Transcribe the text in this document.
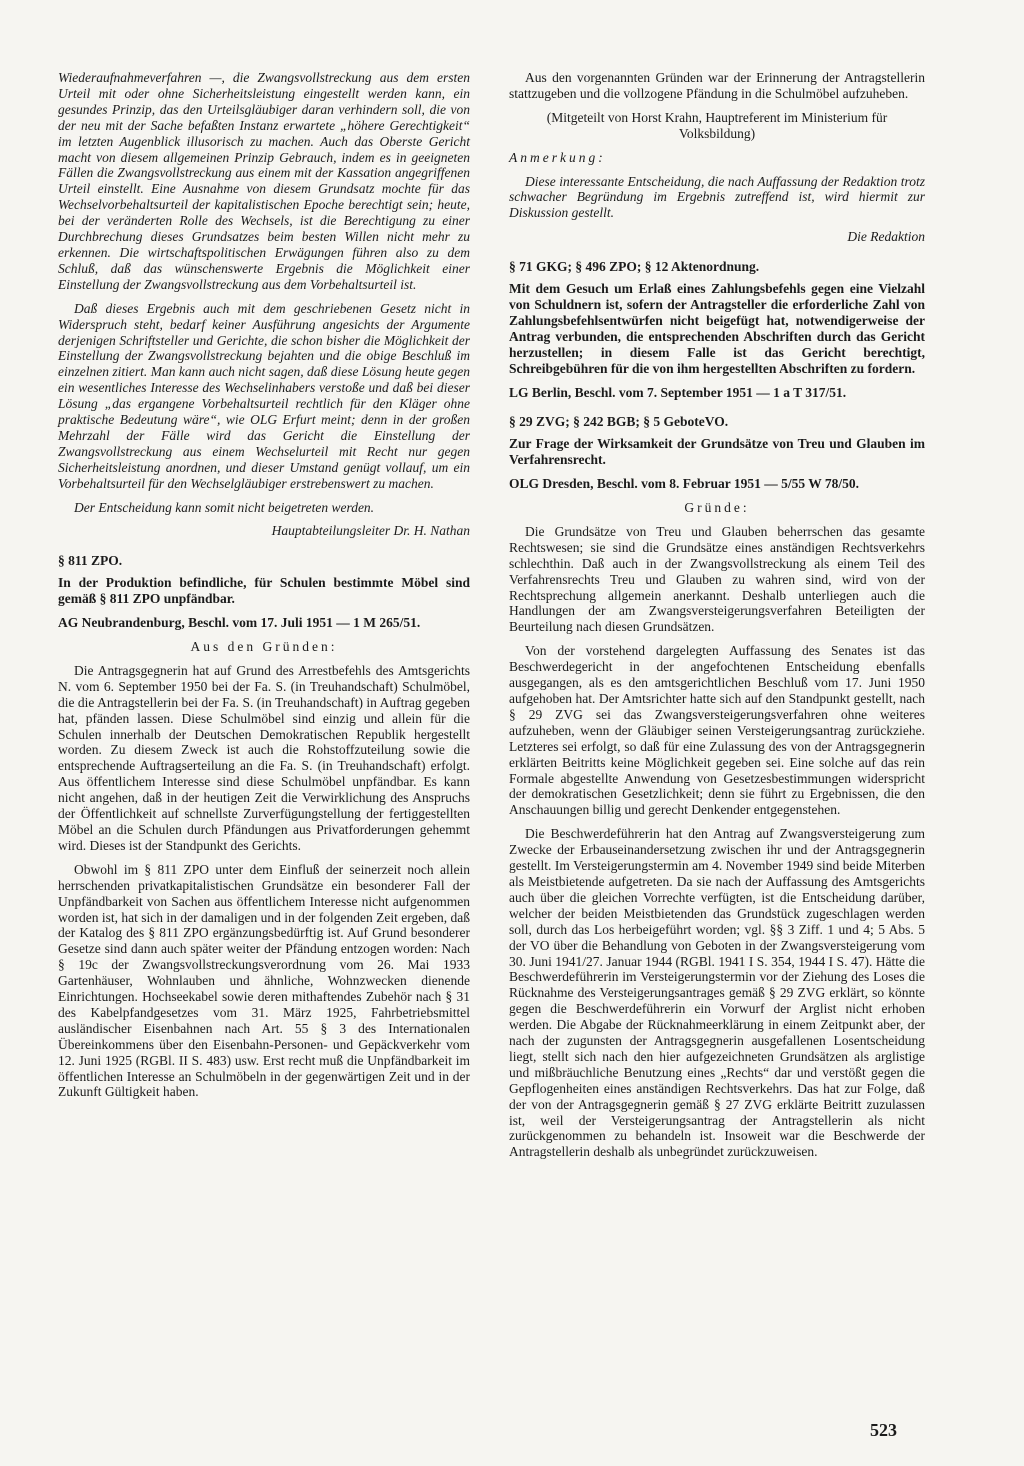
Wiederaufnahmeverfahren —, die Zwangsvollstreckung aus dem ersten Urteil mit oder ohne Sicherheitsleistung eingestellt werden kann, ein gesundes Prinzip, das den Urteilsgläubiger daran verhindern soll, die von der neu mit der Sache befaßten Instanz erwartete „höhere Gerechtigkeit“ im letzten Augenblick illusorisch zu machen. Auch das Oberste Gericht macht von diesem allgemeinen Prinzip Gebrauch, indem es in geeigneten Fällen die Zwangsvollstreckung aus einem mit der Kassation angegriffenen Urteil einstellt. Eine Ausnahme von diesem Grundsatz mochte für das Wechselvorbehaltsurteil der kapitalistischen Epoche berechtigt sein; heute, bei der veränderten Rolle des Wechsels, ist die Berechtigung zu einer Durchbrechung dieses Grundsatzes beim besten Willen nicht mehr zu erkennen. Die wirtschaftspolitischen Erwägungen führen also zu dem Schluß, daß das wünschenswerte Ergebnis die Möglichkeit einer Einstellung der Zwangsvollstreckung aus dem Vorbehaltsurteil ist.

Daß dieses Ergebnis auch mit dem geschriebenen Gesetz nicht in Widerspruch steht, bedarf keiner Ausführung angesichts der Argumente derjenigen Schriftsteller und Gerichte, die schon bisher die Möglichkeit der Einstellung der Zwangsvollstreckung bejahten und die obige Beschluß im einzelnen zitiert. Man kann auch nicht sagen, daß diese Lösung heute gegen ein wesentliches Interesse des Wechselinhabers verstoße und daß bei dieser Lösung „das ergangene Vorbehaltsurteil rechtlich für den Kläger ohne praktische Bedeutung wäre“, wie OLG Erfurt meint; denn in der großen Mehrzahl der Fälle wird das Gericht die Einstellung der Zwangsvollstreckung aus einem Wechselurteil mit Recht nur gegen Sicherheitsleistung anordnen, und dieser Umstand genügt vollauf, um ein Vorbehaltsurteil für den Wechselgläubiger erstrebenswert zu machen.

Der Entscheidung kann somit nicht beigetreten werden.

Hauptabteilungsleiter Dr. H. Nathan

§ 811 ZPO.

In der Produktion befindliche, für Schulen bestimmte Möbel sind gemäß § 811 ZPO unpfändbar.

AG Neubrandenburg, Beschl. vom 17. Juli 1951 — 1 M 265/51.

Aus den Gründen:

Die Antragsgegnerin hat auf Grund des Arrestbefehls des Amtsgerichts N. vom 6. September 1950 bei der Fa. S. (in Treuhandschaft) Schulmöbel, die die Antragstellerin bei der Fa. S. (in Treuhandschaft) in Auftrag gegeben hat, pfänden lassen. Diese Schulmöbel sind einzig und allein für die Schulen innerhalb der Deutschen Demokratischen Republik hergestellt worden. Zu diesem Zweck ist auch die Rohstoffzuteilung sowie die entsprechende Auftragserteilung an die Fa. S. (in Treuhandschaft) erfolgt. Aus öffentlichem Interesse sind diese Schulmöbel unpfändbar. Es kann nicht angehen, daß in der heutigen Zeit die Verwirklichung des Anspruchs der Öffentlichkeit auf schnellste Zurverfügungstellung der fertiggestellten Möbel an die Schulen durch Pfändungen aus Privatforderungen gehemmt wird. Dieses ist der Standpunkt des Gerichts.

Obwohl im § 811 ZPO unter dem Einfluß der seinerzeit noch allein herrschenden privatkapitalistischen Grundsätze ein besonderer Fall der Unpfändbarkeit von Sachen aus öffentlichem Interesse nicht aufgenommen worden ist, hat sich in der damaligen und in der folgenden Zeit ergeben, daß der Katalog des § 811 ZPO ergänzungsbedürftig ist. Auf Grund besonderer Gesetze sind dann auch später weiter der Pfändung entzogen worden: Nach § 19c der Zwangsvollstreckungsverordnung vom 26. Mai 1933 Gartenhäuser, Wohnlauben und ähnliche, Wohnzwecken dienende Einrichtungen. Hochseekabel sowie deren mithaftendes Zubehör nach § 31 des Kabelpfandgesetzes vom 31. März 1925, Fahrbetriebsmittel ausländischer Eisenbahnen nach Art. 55 § 3 des Internationalen Übereinkommens über den Eisenbahn-Personen- und Gepäckverkehr vom 12. Juni 1925 (RGBl. II S. 483) usw. Erst recht muß die Unpfändbarkeit im öffentlichen Interesse an Schulmöbeln in der gegenwärtigen Zeit und in der Zukunft Gültigkeit haben.

Aus den vorgenannten Gründen war der Erinnerung der Antragstellerin stattzugeben und die vollzogene Pfändung in die Schulmöbel aufzuheben.

(Mitgeteilt von Horst Krahn, Hauptreferent im Ministerium für Volksbildung)

Anmerkung:

Diese interessante Entscheidung, die nach Auffassung der Redaktion trotz schwacher Begründung im Ergebnis zutreffend ist, wird hiermit zur Diskussion gestellt.

Die Redaktion

§ 71 GKG; § 496 ZPO; § 12 Aktenordnung.

Mit dem Gesuch um Erlaß eines Zahlungsbefehls gegen eine Vielzahl von Schuldnern ist, sofern der Antragsteller die erforderliche Zahl von Zahlungsbefehlsentwürfen nicht beigefügt hat, notwendigerweise der Antrag verbunden, die entsprechenden Abschriften durch das Gericht herzustellen; in diesem Falle ist das Gericht berechtigt, Schreibgebühren für die von ihm hergestellten Abschriften zu fordern.

LG Berlin, Beschl. vom 7. September 1951 — 1 a T 317/51.

§ 29 ZVG; § 242 BGB; § 5 GeboteVO.

Zur Frage der Wirksamkeit der Grundsätze von Treu und Glauben im Verfahrensrecht.

OLG Dresden, Beschl. vom 8. Februar 1951 — 5/55 W 78/50.

Gründe:

Die Grundsätze von Treu und Glauben beherrschen das gesamte Rechtswesen; sie sind die Grundsätze eines anständigen Rechtsverkehrs schlechthin. Daß auch in der Zwangsvollstreckung als einem Teil des Verfahrensrechts Treu und Glauben zu wahren sind, wird von der Rechtsprechung allgemein anerkannt. Deshalb unterliegen auch die Handlungen der am Zwangsversteigerungsverfahren Beteiligten der Beurteilung nach diesen Grundsätzen.

Von der vorstehend dargelegten Auffassung des Senates ist das Beschwerdegericht in der angefochtenen Entscheidung ebenfalls ausgegangen, als es den amtsgerichtlichen Beschluß vom 17. Juni 1950 aufgehoben hat. Der Amtsrichter hatte sich auf den Standpunkt gestellt, nach § 29 ZVG sei das Zwangsversteigerungsverfahren ohne weiteres aufzuheben, wenn der Gläubiger seinen Versteigerungsantrag zurückziehe. Letzteres sei erfolgt, so daß für eine Zulassung des von der Antragsgegnerin erklärten Beitritts keine Möglichkeit gegeben sei. Eine solche auf das rein Formale abgestellte Anwendung von Gesetzesbestimmungen widerspricht der demokratischen Gesetzlichkeit; denn sie führt zu Ergebnissen, die den Anschauungen billig und gerecht Denkender entgegenstehen.

Die Beschwerdeführerin hat den Antrag auf Zwangsversteigerung zum Zwecke der Erbauseinandersetzung zwischen ihr und der Antragsgegnerin gestellt. Im Versteigerungstermin am 4. November 1949 sind beide Miterben als Meistbietende aufgetreten. Da sie nach der Auffassung des Amtsgerichts auch über die gleichen Vorrechte verfügten, ist die Entscheidung darüber, welcher der beiden Meistbietenden das Grundstück zugeschlagen werden soll, durch das Los herbeigeführt worden; vgl. §§ 3 Ziff. 1 und 4; 5 Abs. 5 der VO über die Behandlung von Geboten in der Zwangsversteigerung vom 30. Juni 1941/27. Januar 1944 (RGBl. 1941 I S. 354, 1944 I S. 47). Hätte die Beschwerdeführerin im Versteigerungstermin vor der Ziehung des Loses die Rücknahme des Versteigerungsantrages gemäß § 29 ZVG erklärt, so könnte gegen die Beschwerdeführerin ein Vorwurf der Arglist nicht erhoben werden. Die Abgabe der Rücknahmeerklärung in einem Zeitpunkt aber, der nach der zugunsten der Antragsgegnerin ausgefallenen Losentscheidung liegt, stellt sich nach den hier aufgezeichneten Grundsätzen als arglistige und mißbräuchliche Benutzung eines „Rechts“ dar und verstößt gegen die Gepflogenheiten eines anständigen Rechtsverkehrs. Das hat zur Folge, daß der von der Antragsgegnerin gemäß § 27 ZVG erklärte Beitritt zuzulassen ist, weil der Versteigerungsantrag der Antragstellerin als nicht zurückgenommen zu behandeln ist. Insoweit war die Beschwerde der Antragstellerin deshalb als unbegründet zurückzuweisen.

523
